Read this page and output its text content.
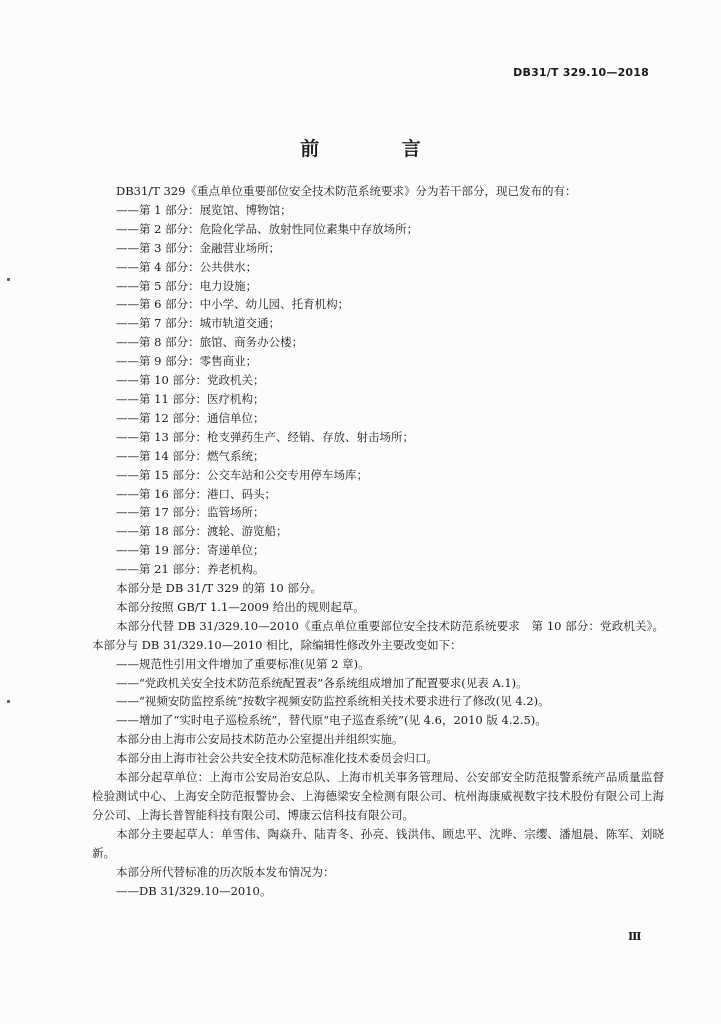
DB31/T 329.10—2018
前 言

DB31/T 329《重点单位重要部位安全技术防范系统要求》分为若干部分，现已发布的有：

——第 1 部分：展览馆、博物馆；
——第 2 部分：危险化学品、放射性同位素集中存放场所；
——第 3 部分：金融营业场所；
——第 4 部分：公共供水；
——第 5 部分：电力设施；
——第 6 部分：中小学、幼儿园、托育机构；
——第 7 部分：城市轨道交通；
——第 8 部分：旅馆、商务办公楼；
——第 9 部分：零售商业；
——第 10 部分：党政机关；
——第 11 部分：医疗机构；
——第 12 部分：通信单位；
——第 13 部分：枪支弹药生产、经销、存放、射击场所；
——第 14 部分：燃气系统；
——第 15 部分：公交车站和公交专用停车场库；
——第 16 部分：港口、码头；
——第 17 部分：监管场所；
——第 18 部分：渡轮、游览船；
——第 19 部分：寄递单位；
——第 21 部分：养老机构。

本部分是 DB 31/T 329 的第 10 部分。

本部分按照 GB/T 1.1—2009 给出的规则起草。

本部分代替 DB 31/329.10—2010《重点单位重要部位安全技术防范系统要求　第 10 部分：党政机关》。本部分与 DB 31/329.10—2010 相比，除编辑性修改外主要改变如下：

——规范性引用文件增加了重要标准(见第 2 章)。
——“党政机关安全技术防范系统配置表”各系统组成增加了配置要求(见表 A.1)。
——“视频安防监控系统”按数字视频安防监控系统相关技术要求进行了修改(见 4.2)。
——增加了“实时电子巡检系统”，替代原“电子巡查系统”(见 4.6，2010 版 4.2.5)。

本部分由上海市公安局技术防范办公室提出并组织实施。

本部分由上海市社会公共安全技术防范标准化技术委员会归口。

本部分起草单位：上海市公安局治安总队、上海市机关事务管理局、公安部安全防范报警系统产品质量监督检验测试中心、上海安全防范报警协会、上海德梁安全检测有限公司、杭州海康威视数字技术股份有限公司上海分公司、上海长普智能科技有限公司、博康云信科技有限公司。

本部分主要起草人：单雪伟、陶焱升、陆青冬、孙亮、钱洪伟、顾忠平、沈晔、宗缨、潘旭晨、陈军、刘晓新。

本部分所代替标准的历次版本发布情况为：

——DB 31/329.10—2010。
Ⅲ
